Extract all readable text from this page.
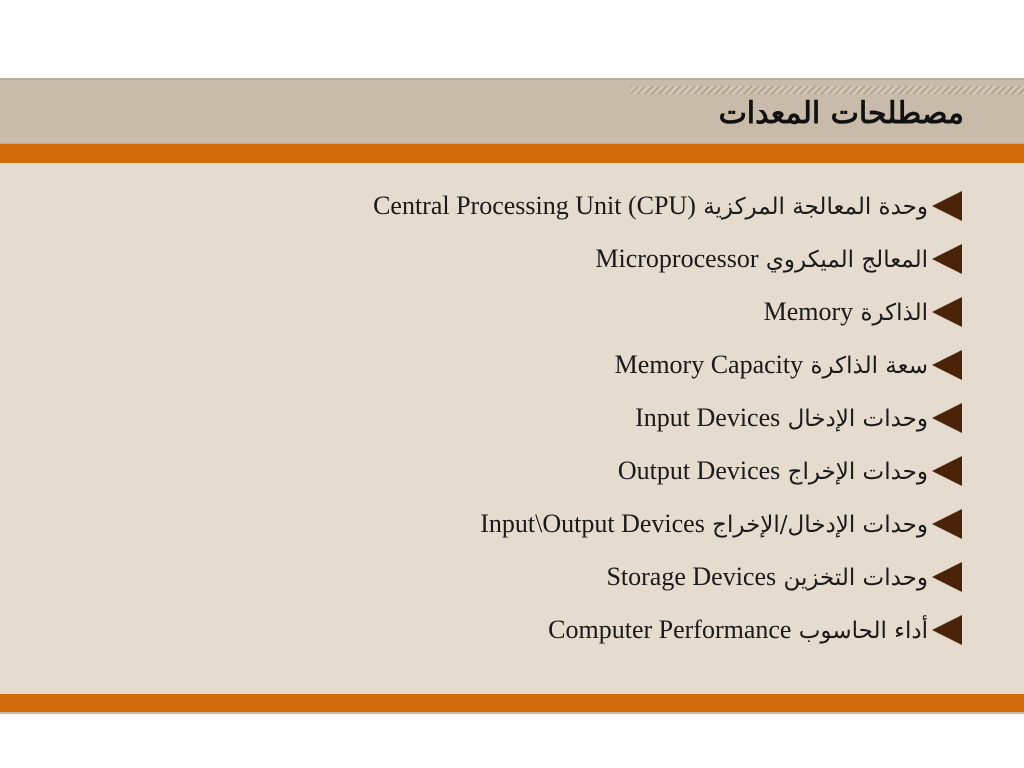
مصطلحات المعدات
وحدة المعالجة المركزية Central Processing Unit (CPU)
المعالج الميكروي Microprocessor
الذاكرة Memory
سعة الذاكرة Memory Capacity
وحدات الإدخال Input Devices
وحدات الإخراج Output Devices
وحدات الإدخال/الإخراج Input\Output Devices
وحدات التخزين Storage Devices
أداء الحاسوب Computer Performance
